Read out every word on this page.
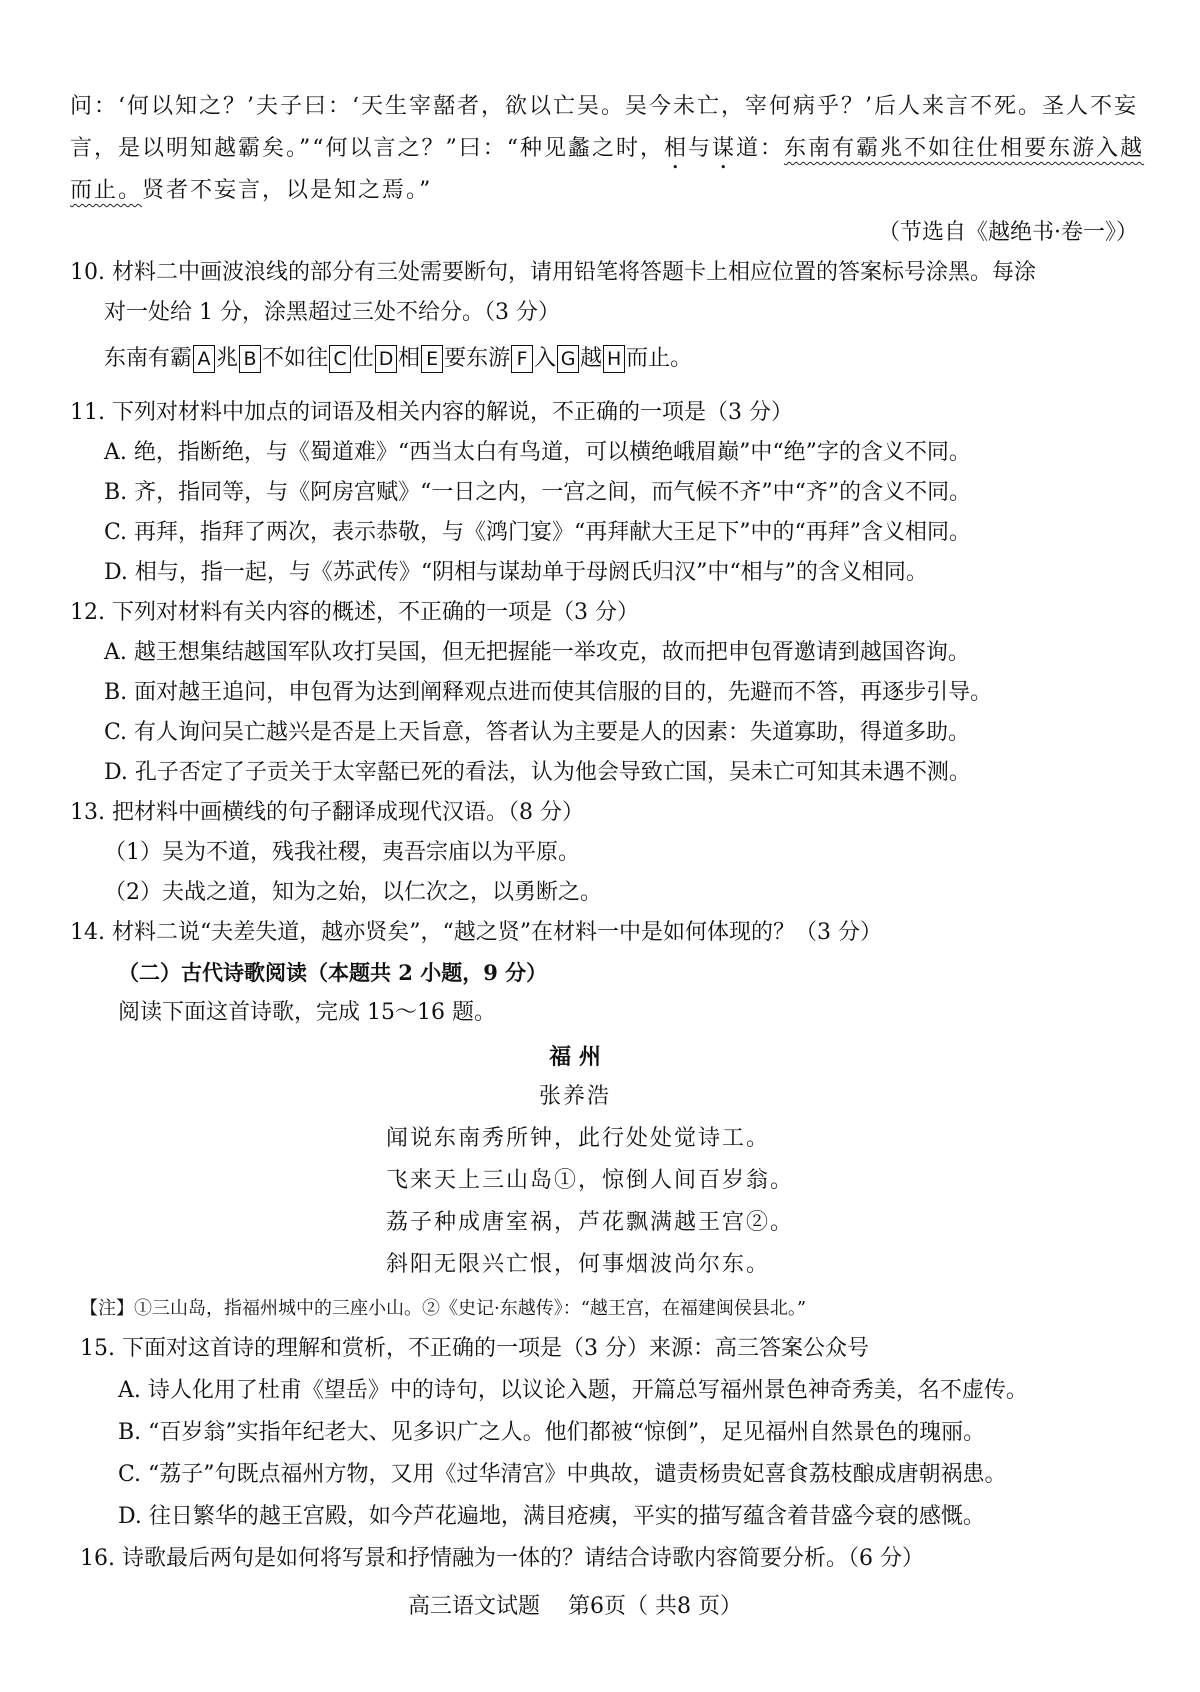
问：‘何以知之？’夫子曰：‘天生宰嚭者，欲以亡吴。吴今未亡，宰何病乎？’后人来言不死。圣人不妄
言，是以明知越霸矣。”“何以言之？”曰：“种见蠡之时，相与谋道：东南有霸兆不如往仕相要东游入越
而止。贤者不妄言，以是知之焉。”
（节选自《越绝书·卷一》）
10. 材料二中画波浪线的部分有三处需要断句，请用铅笔将答题卡上相应位置的答案标号涂黑。每涂
对一处给 1 分，涂黑超过三处不给分。（3 分）
东南有霸 A 兆 B 不如往 C 仕 D 相 E 要东游 F 入 G 越 H 而止。
11. 下列对材料中加点的词语及相关内容的解说，不正确的一项是（3 分）
A. 绝，指断绝，与《蜀道难》“西当太白有鸟道，可以横绝峨眉巅”中“绝”字的含义不同。
B. 齐，指同等，与《阿房宫赋》“一日之内，一宫之间，而气候不齐”中“齐”的含义不同。
C. 再拜，指拜了两次，表示恭敬，与《鸿门宴》“再拜献大王足下”中的“再拜”含义相同。
D. 相与，指一起，与《苏武传》“阴相与谋劫单于母阏氏归汉”中“相与”的含义相同。
12. 下列对材料有关内容的概述，不正确的一项是（3 分）
A. 越王想集结越国军队攻打吴国，但无把握能一举攻克，故而把申包胥邀请到越国咨询。
B. 面对越王追问，申包胥为达到阐释观点进而使其信服的目的，先避而不答，再逐步引导。
C. 有人询问吴亡越兴是否是上天旨意，答者认为主要是人的因素：失道寡助，得道多助。
D. 孔子否定了子贡关于太宰嚭已死的看法，认为他会导致亡国，吴未亡可知其未遇不测。
13. 把材料中画横线的句子翻译成现代汉语。（8 分）
（1）吴为不道，残我社稷，夷吾宗庙以为平原。
（2）夫战之道，知为之始，以仁次之，以勇断之。
14. 材料二说“夫差失道，越亦贤矣”，“越之贤”在材料一中是如何体现的？（3 分）
（二）古代诗歌阅读（本题共 2 小题，9 分）
阅读下面这首诗歌，完成 15～16 题。
福 州
张养浩
闻说东南秀所钟，此行处处觉诗工。
飞来天上三山岛①，惊倒人间百岁翁。
荔子种成唐室祸，芦花飘满越王宫②。
斜阳无限兴亡恨，何事烟波尚尔东。
【注】①三山岛，指福州城中的三座小山。②《史记·东越传》：“越王宫，在福建闽侯县北。”
15. 下面对这首诗的理解和赏析，不正确的一项是（3 分）来源：高三答案公众号
A. 诗人化用了杜甫《望岳》中的诗句，以议论入题，开篇总写福州景色神奇秀美，名不虚传。
B. “百岁翁”实指年纪老大、见多识广之人。他们都被“惊倒”，足见福州自然景色的瑰丽。
C. “荔子”句既点福州方物，又用《过华清宫》中典故，谴责杨贵妃喜食荔枝酿成唐朝祸患。
D. 往日繁华的越王宫殿，如今芦花遍地，满目疮痍，平实的描写蕴含着昔盛今衰的感慨。
16. 诗歌最后两句是如何将写景和抒情融为一体的？请结合诗歌内容简要分析。（6 分）
高三语文试题    第6页（ 共8 页）
